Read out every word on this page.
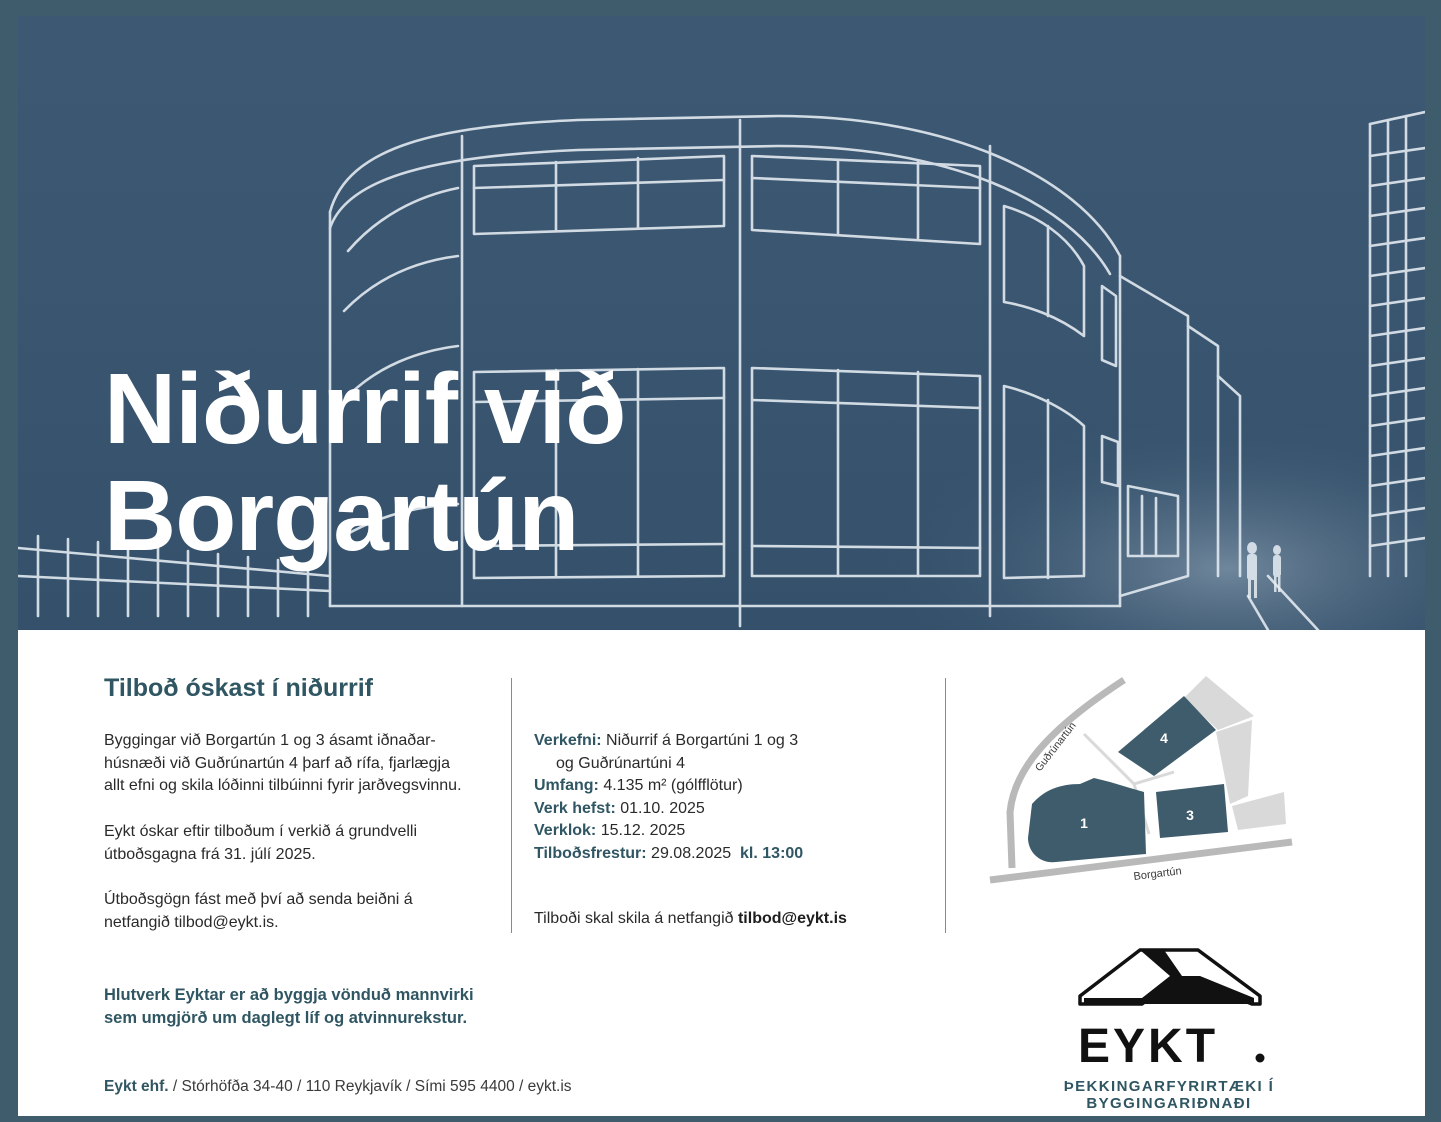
Niðurrif við
Borgartún
Tilboð óskast í niðurrif

Byggingar við Borgartún 1 og 3 ásamt iðnaðar-
húsnæði við Guðrúnartún 4 þarf að rífa, fjarlægja
allt efni og skila lóðinni tilbúinni fyrir jarðvegsvinnu.

Eykt óskar eftir tilboðum í verkið á grundvelli
útboðsgagna frá 31. júlí 2025.

Útboðsgögn fást með því að senda beiðni á
netfangið tilbod@eykt.is.

Verkefni: Niðurrif á Borgartúni 1 og 3
og Guðrúnartúni 4
Umfang: 4.135 m² (gólfflötur)
Verk hefst: 01.10. 2025
Verklok: 15.12. 2025
Tilboðsfrestur: 29.08.2025  kl. 13:00
Tilboði skal skila á netfangið tilbod@eykt.is
4
1	3
Guðrúnartún
Borgartún
Hlutverk Eyktar er að byggja vönduð mannvirki
sem umgjörð um daglegt líf og atvinnurekstur.
Eykt ehf. / Stórhöfða 34-40 / 110 Reykjavík / Sími 595 4400 / eykt.is
EYKT
ÞEKKINGARFYRIRTÆKI Í BYGGINGARIÐNAÐI
